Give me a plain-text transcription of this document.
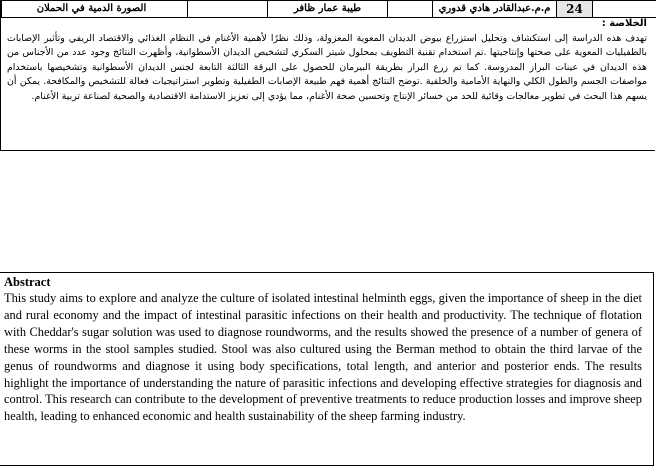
الصورة الدمية في الحملان	طيبة عمار ظافر	م.م.عبدالقادر هادي قدوري	24
الخلاصة :
تهدف هذه الدراسة إلى استكشاف وتحليل استزراع بيوض الديدان المعوية المعزولة، وذلك نظرًا لأهمية الأغنام في النظام الغذائي والاقتصاد الريفي وتأثير الإصابات بالطفيليات المعوية على صحتها وإنتاجيتها .تم استخدام تقنية التطويف بمحلول شيتر السكري لتشخيص الديدان الأسطوانية، وأظهرت النتائج وجود عدد من الأجناس من هذه الديدان في عينات البراز المدروسة. كما تم زرع البراز بطريقة البيرمان للحصول على اليرقة الثالثة التابعة لجنس الديدان الأسطوانية وتشخيصها باستخدام مواصفات الجسم والطول الكلي والنهاية الأمامية والخلفية .توضح النتائج أهمية فهم طبيعة الإصابات الطفيلية وتطوير استراتيجيات فعالة للتشخيص والمكافحة. يمكن أن يسهم هذا البحث في تطوير معالجات وقائية للحد من خسائر الإنتاج وتحسين صحة الأغنام، مما يؤدي إلى تعزيز الاستدامة الاقتصادية والصحية لصناعة تربية الأغنام.
Abstract
This study aims to explore and analyze the culture of isolated intestinal helminth eggs, given the importance of sheep in the diet and rural economy and the impact of intestinal parasitic infections on their health and productivity. The technique of flotation with Cheddar's sugar solution was used to diagnose roundworms, and the results showed the presence of a number of genera of these worms in the stool samples studied. Stool was also cultured using the Berman method to obtain the third larvae of the genus of roundworms and diagnose it using body specifications, total length, and anterior and posterior ends. The results highlight the importance of understanding the nature of parasitic infections and developing effective strategies for diagnosis and control. This research can contribute to the development of preventive treatments to reduce production losses and improve sheep health, leading to enhanced economic and health sustainability of the sheep farming industry.
